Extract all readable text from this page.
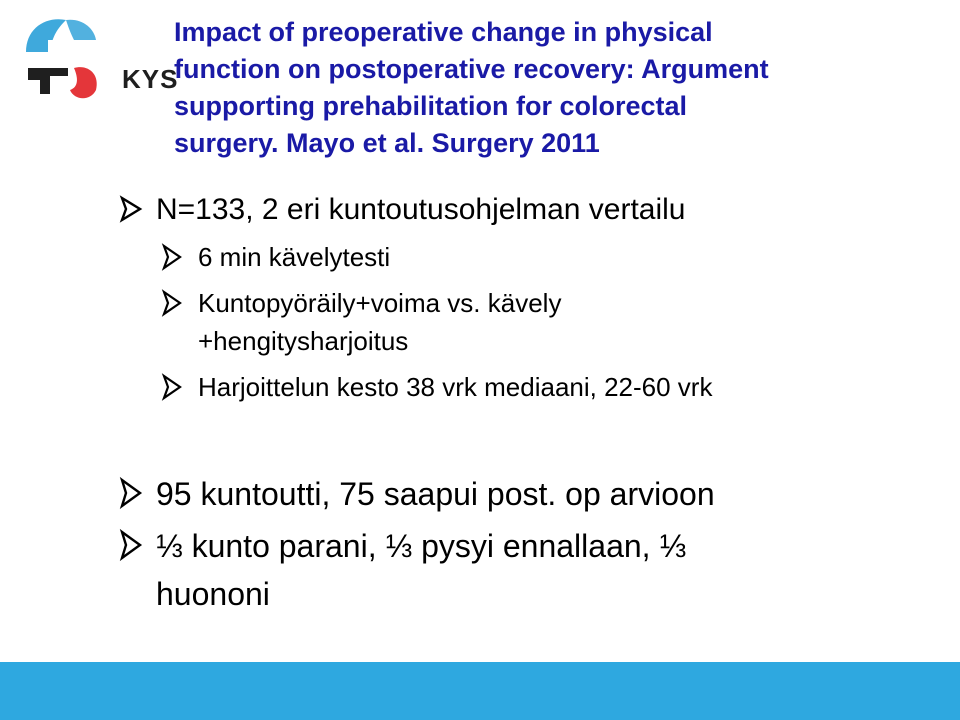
KYS
Impact of preoperative change in physical
function on postoperative recovery: Argument
supporting prehabilitation for colorectal
surgery. Mayo et al. Surgery 2011
N=133, 2 eri kuntoutusohjelman vertailu
6 min kävelytesti
Kuntopyöräily+voima vs. kävely
+hengitysharjoitus
Harjoittelun kesto 38 vrk mediaani, 22-60 vrk
95 kuntoutti, 75 saapui post. op arvioon
⅓ kunto parani, ⅓ pysyi ennallaan, ⅓
huononi
